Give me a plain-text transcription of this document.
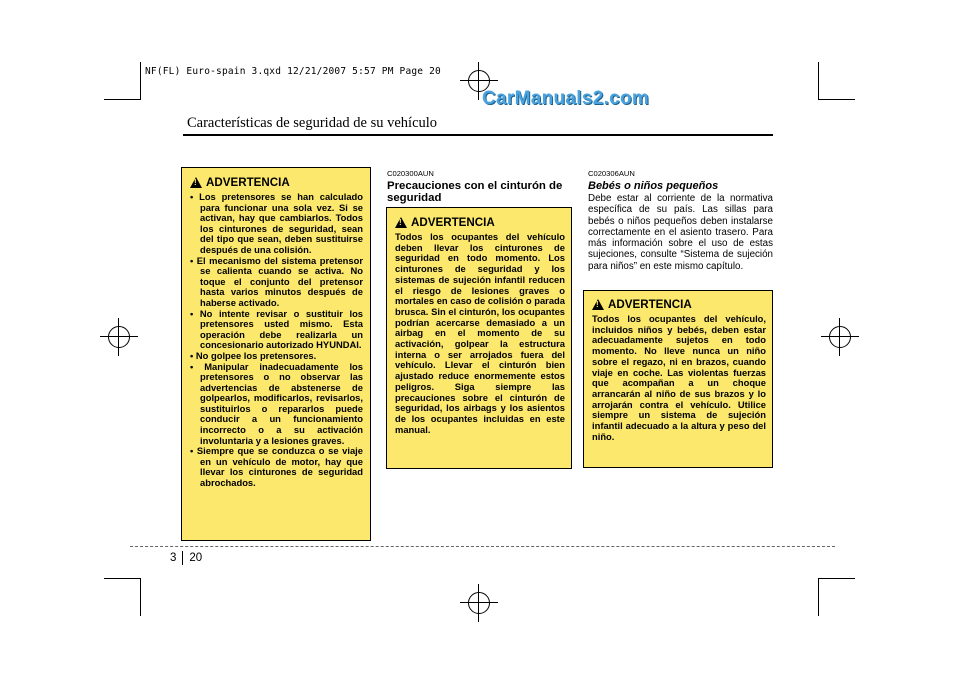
NF(FL) Euro-spain 3.qxd 12/21/2007 5:57 PM Page 20
CarManuals2.com
Características de seguridad de su vehículo
!
ADVERTENCIA
• Los pretensores se han calculado para funcionar una sola vez. Si se activan, hay que cambiarlos. Todos los cinturones de seguridad, sean del tipo que sean, deben sustituirse después de una colisión.
• El mecanismo del sistema pretensor se calienta cuando se activa. No toque el conjunto del pretensor hasta varios minutos después de haberse activado.
• No intente revisar o sustituir los pretensores usted mismo. Esta operación debe realizarla un concesionario autorizado HYUNDAI.
• No golpee los pretensores.
• Manipular inadecuadamente los pretensores o no observar las advertencias de abstenerse de golpearlos, modificarlos, revisarlos, sustituirlos o repararlos puede conducir a un funcionamiento incorrecto o a su activación involuntaria y a lesiones graves.
• Siempre que se conduzca o se viaje en un vehículo de motor, hay que llevar los cinturones de seguridad abrochados.
C020300AUN
Precauciones con el cinturón de seguridad
!
ADVERTENCIA
Todos los ocupantes del vehículo deben llevar los cinturones de seguridad en todo momento. Los cinturones de seguridad y los sistemas de sujeción infantil reducen el riesgo de lesiones graves o mortales en caso de colisión o parada brusca. Sin el cinturón, los ocupantes podrían acercarse demasiado a un airbag en el momento de su activación, golpear la estructura interna o ser arrojados fuera del vehículo. Llevar el cinturón bien ajustado reduce enormemente estos peligros. Siga siempre las precauciones sobre el cinturón de seguridad, los airbags y los asientos de los ocupantes incluidas en este manual.
C020306AUN
Bebés o niños pequeños
Debe estar al corriente de la normativa específica de su país. Las sillas para bebés o niños pequeños deben instalarse correctamente en el asiento trasero. Para más información sobre el uso de estas sujeciones, consulte “Sistema de sujeción para niños” en este mismo capítulo.
!
ADVERTENCIA
Todos los ocupantes del vehículo, incluidos niños y bebés, deben estar adecuadamente sujetos en todo momento. No lleve nunca un niño sobre el regazo, ni en brazos, cuando viaje en coche. Las violentas fuerzas que acompañan a un choque arrancarán al niño de sus brazos y lo arrojarán contra el vehículo. Utilice siempre un sistema de sujeción infantil adecuado a la altura y peso del niño.
3 20
